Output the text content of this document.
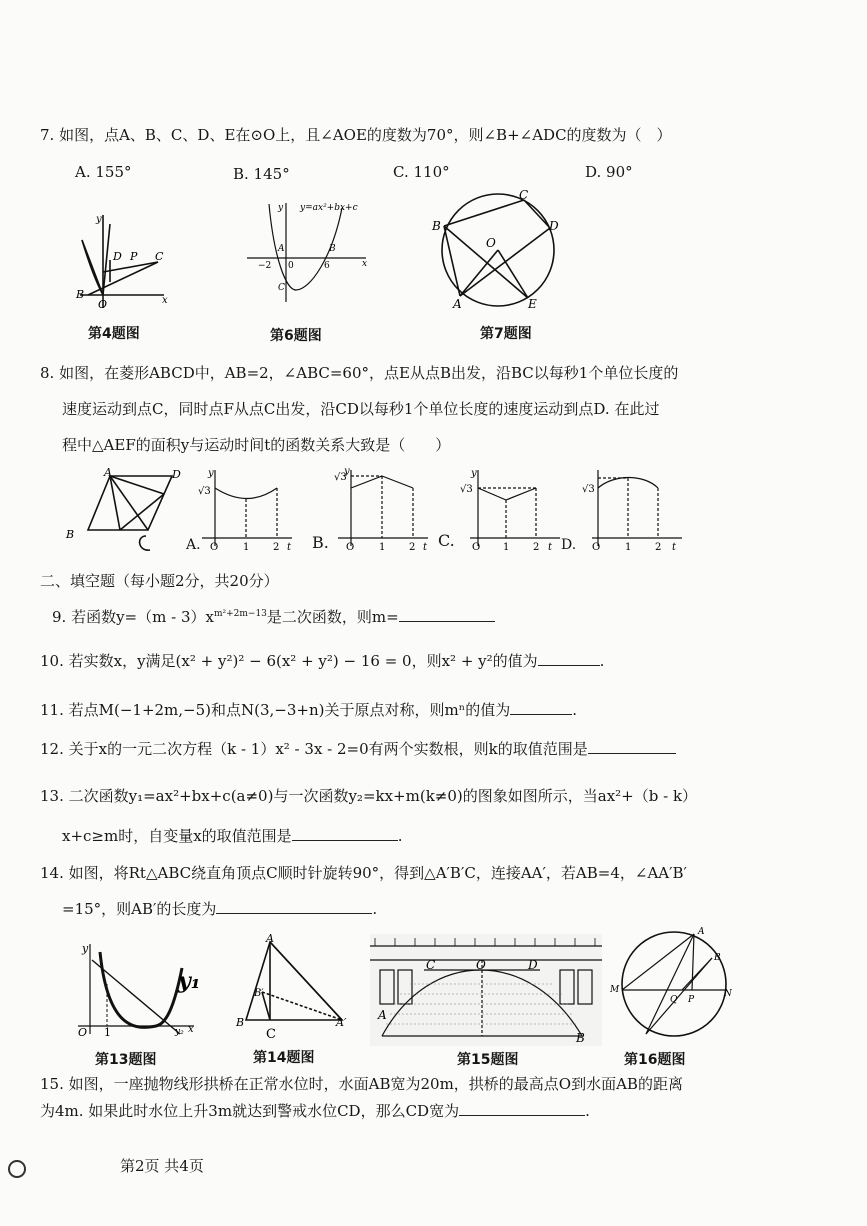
7. 如图，点A、B、C、D、E在⊙O上，且∠AOE的度数为70°，则∠B+∠ADC的度数为（　）
A. 155°	B. 145°	C. 110°	D. 90°
C
D P
B
O	x
y
y=ax²+bx+c
y
A	B
−2 0	6
C
x
B
C
D
O
A	E
第4题图	第6题图	第7题图
8. 如图，在菱形ABCD中，AB=2，∠ABC=60°，点E从点B出发，沿BC以每秒1个单位长度的
速度运动到点C，同时点F从点C出发，沿CD以每秒1个单位长度的速度运动到点D. 在此过
程中△AEF的面积y与运动时间t的函数关系大致是（　　）
A	D
B
y
√3
O 1 2 t
A.
y
√3
O 1 2 t
B.
y
√3
O 1 2 t
C.
√3
O 1 2 t
D.
二、填空题（每小题2分，共20分）
9. 若函数$y=(m - 3)x^{m^2+2m-13}$是二次函数，则m=
10. 若实数x，y满足(x² + y²)² − 6(x² + y²) − 16 = 0，则x² + y²的值为	.
11. 若点M(−1+2m,−5)和点N(3,−3+n)关于原点对称，则mⁿ的值为	.
12. 关于x的一元二次方程（k - 1）x² - 3x - 2=0有两个实数根，则k的取值范围是
13. 二次函数y₁=ax²+bx+c(a≠0)与一次函数y₂=kx+m(k≠0)的图象如图所示，当ax²+（b - k）
x+c≥m时，自变量x的取值范围是	.
14. 如图，将Rt△ABC绕直角顶点C顺时针旋转90°，得到△A′B′C，连接AA′，若AB=4，∠AA′B′
=15°，则AB′的长度为	.
y
O 1	y₂ x
y₁
A
B
B′
A′
C
C	O	D
A
B
A
B
M	N
Q P
第13题图	第14题图	第15题图	第16题图
15. 如图，一座抛物线形拱桥在正常水位时，水面AB宽为20m，拱桥的最高点O到水面AB的距离
为4m. 如果此时水位上升3m就达到警戒水位CD，那么CD宽为	.
第2页 共4页
